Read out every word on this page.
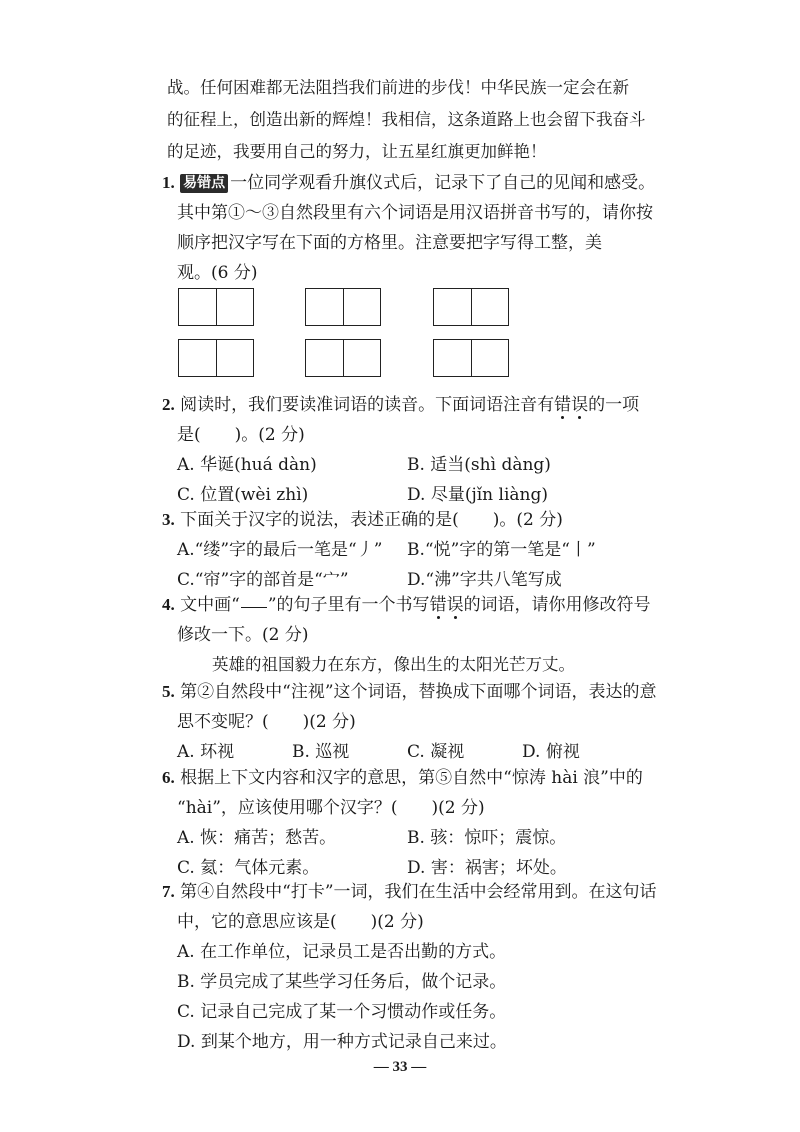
战。任何困难都无法阻挡我们前进的步伐！中华民族一定会在新
的征程上，创造出新的辉煌！我相信，这条道路上也会留下我奋斗
的足迹，我要用自己的努力，让五星红旗更加鲜艳！
1. 易错点 一位同学观看升旗仪式后，记录下了自己的见闻和感受。
其中第①～③自然段里有六个词语是用汉语拼音书写的，请你按
顺序把汉字写在下面的方格里。注意要把字写得工整，美
观。(6 分)
2. 阅读时，我们要读准词语的读音。下面词语注音有错误的一项
是(　　)。(2 分)
A. 华诞(huá dàn)	B. 适当(shì dàng)
C. 位置(wèi zhì)	D. 尽量(jǐn liàng)
3. 下面关于汉字的说法，表述正确的是(　　)。(2 分)
A.“缕”字的最后一笔是“丿” B.“悦”字的第一笔是“丨”
C.“帘”字的部首是“宀”	D.“沸”字共八笔写成
4. 文中画“ ”的句子里有一个书写错误的词语，请你用修改符号
修改一下。(2 分)
英雄的祖国毅力在东方，像出生的太阳光芒万丈。
5. 第②自然段中“注视”这个词语，替换成下面哪个词语，表达的意
思不变呢？(　　)(2 分)
A. 环视	B. 巡视	C. 凝视	D. 俯视
6. 根据上下文内容和汉字的意思，第⑤自然中“惊涛 hài 浪”中的
“hài”，应该使用哪个汉字？(　　)(2 分)
A. 恢：痛苦；愁苦。	B. 骇：惊吓；震惊。
C. 氦：气体元素。	D. 害：祸害；坏处。
7. 第④自然段中“打卡”一词，我们在生活中会经常用到。在这句话
中，它的意思应该是(　　)(2 分)
A. 在工作单位，记录员工是否出勤的方式。
B. 学员完成了某些学习任务后，做个记录。
C. 记录自己完成了某一个习惯动作或任务。
D. 到某个地方，用一种方式记录自己来过。
— 33 —
